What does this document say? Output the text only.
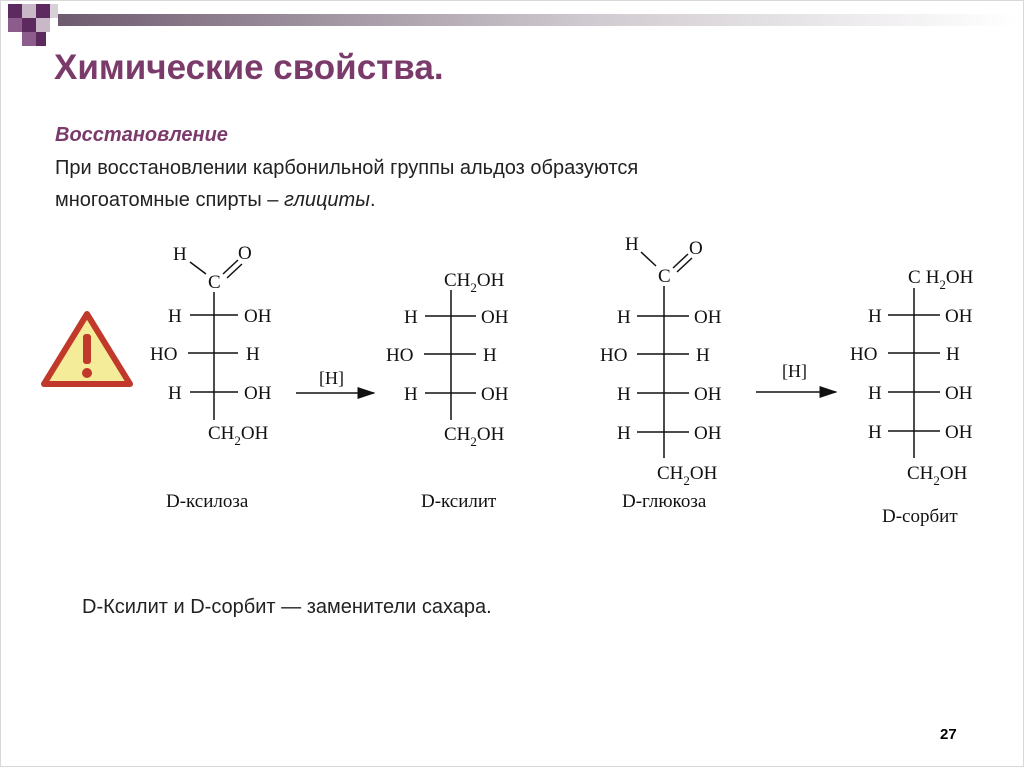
Химические свойства.
Восстановление
При восстановлении карбонильной группы альдоз образуются
многоатомные спирты – глициты.
H	O
C
H	OH
HO	H
H	OH
$CH_2OH$
D-ксилоза
[H]
$CH_2OH$
H	OH
HO	H
H	OH
$CH_2OH$
D-ксилит
H	O
C
H	OH
HO	H
H	OH
H	OH
$CH_2OH$
D-глюкоза
[H]
C $H_2OH$
H	OH
HO	H
H	OH
H	OH
$CH_2OH$
D-сорбит
D-Ксилит и D-сорбит — заменители сахара.
27
